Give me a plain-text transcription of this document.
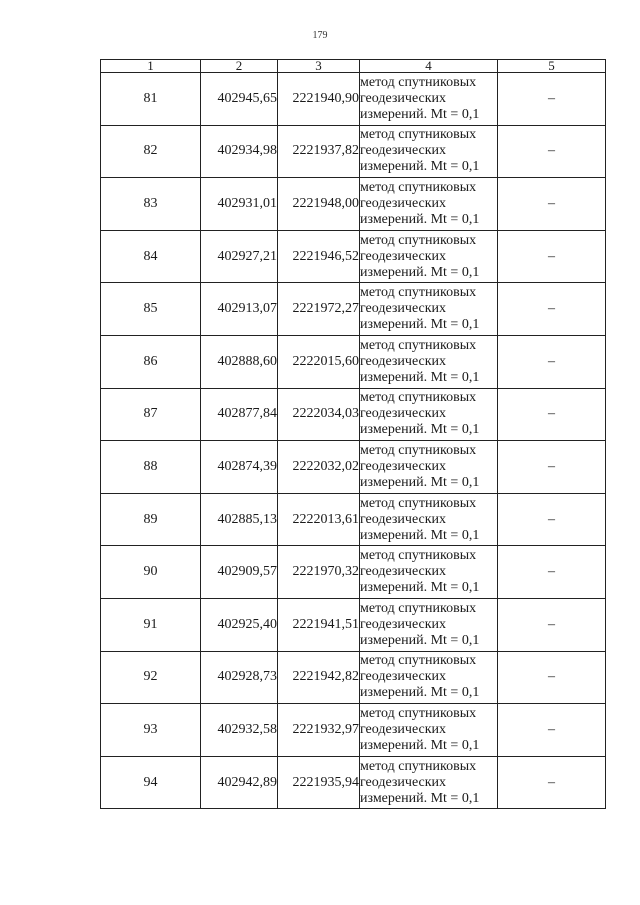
179
1	2	3	4	5
81	402945,65	2221940,90	метод спутниковых
геодезических
измерений. Mt = 0,1	–
82	402934,98	2221937,82	метод спутниковых
геодезических
измерений. Mt = 0,1	–
83	402931,01	2221948,00	метод спутниковых
геодезических
измерений. Mt = 0,1	–
84	402927,21	2221946,52	метод спутниковых
геодезических
измерений. Mt = 0,1	–
85	402913,07	2221972,27	метод спутниковых
геодезических
измерений. Mt = 0,1	–
86	402888,60	2222015,60	метод спутниковых
геодезических
измерений. Mt = 0,1	–
87	402877,84	2222034,03	метод спутниковых
геодезических
измерений. Mt = 0,1	–
88	402874,39	2222032,02	метод спутниковых
геодезических
измерений. Mt = 0,1	–
89	402885,13	2222013,61	метод спутниковых
геодезических
измерений. Mt = 0,1	–
90	402909,57	2221970,32	метод спутниковых
геодезических
измерений. Mt = 0,1	–
91	402925,40	2221941,51	метод спутниковых
геодезических
измерений. Mt = 0,1	–
92	402928,73	2221942,82	метод спутниковых
геодезических
измерений. Mt = 0,1	–
93	402932,58	2221932,97	метод спутниковых
геодезических
измерений. Mt = 0,1	–
94	402942,89	2221935,94	метод спутниковых
геодезических
измерений. Mt = 0,1	–
